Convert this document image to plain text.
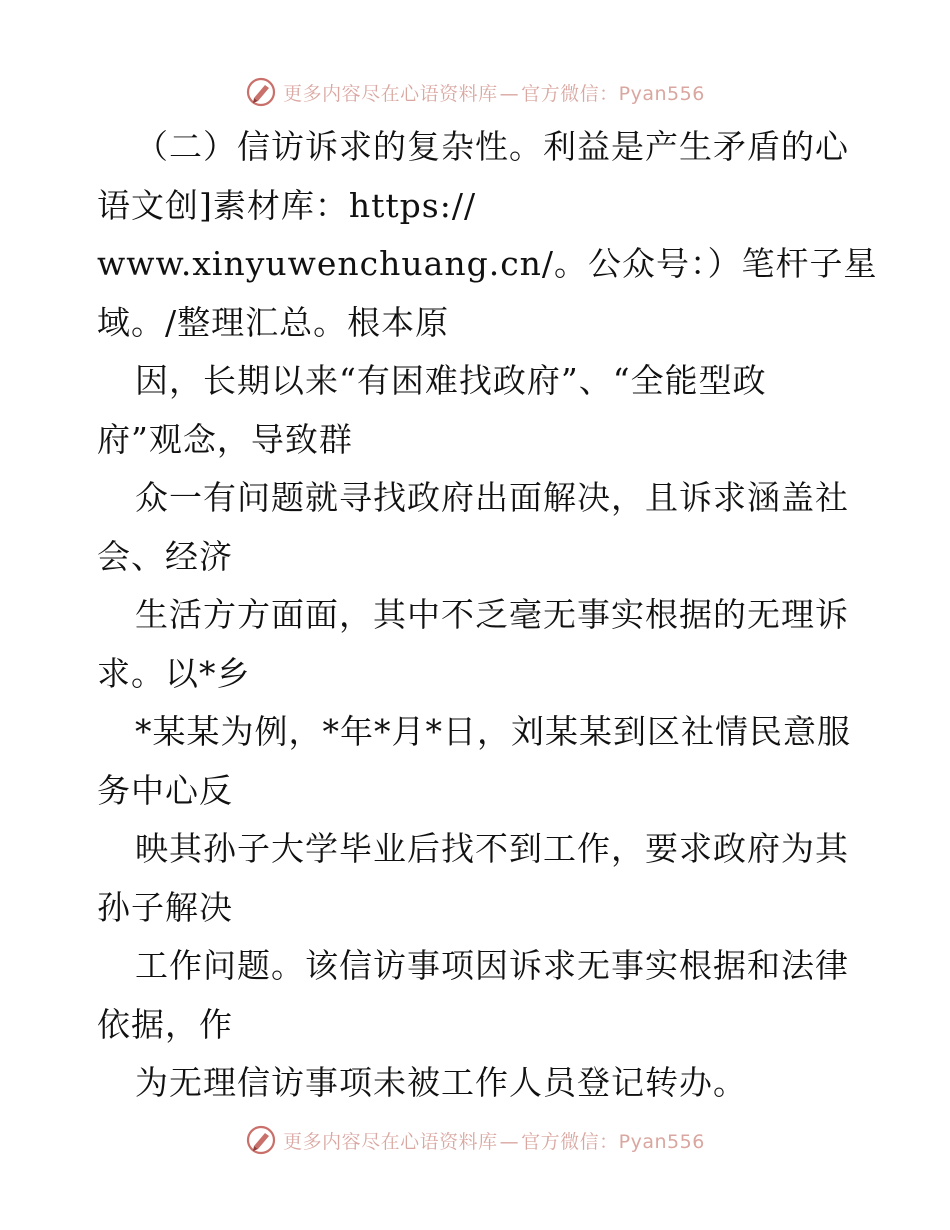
更多内容尽在心语资料库 — 官方微信：Pyan556
（二）信访诉求的复杂性。利益是产生矛盾的心
语文创]素材库：https://
www.xinyuwenchuang.cn/。公众号：）笔杆子星
域。/整理汇总。根本原
因，长期以来“有困难找政府”、“全能型政
府”观念，导致群
众一有问题就寻找政府出面解决，且诉求涵盖社
会、经济
生活方方面面，其中不乏毫无事实根据的无理诉
求。以*乡
*某某为例，*年*月*日，刘某某到区社情民意服
务中心反
映其孙子大学毕业后找不到工作，要求政府为其
孙子解决
工作问题。该信访事项因诉求无事实根据和法律
依据，作
为无理信访事项未被工作人员登记转办。
更多内容尽在心语资料库 — 官方微信：Pyan556
